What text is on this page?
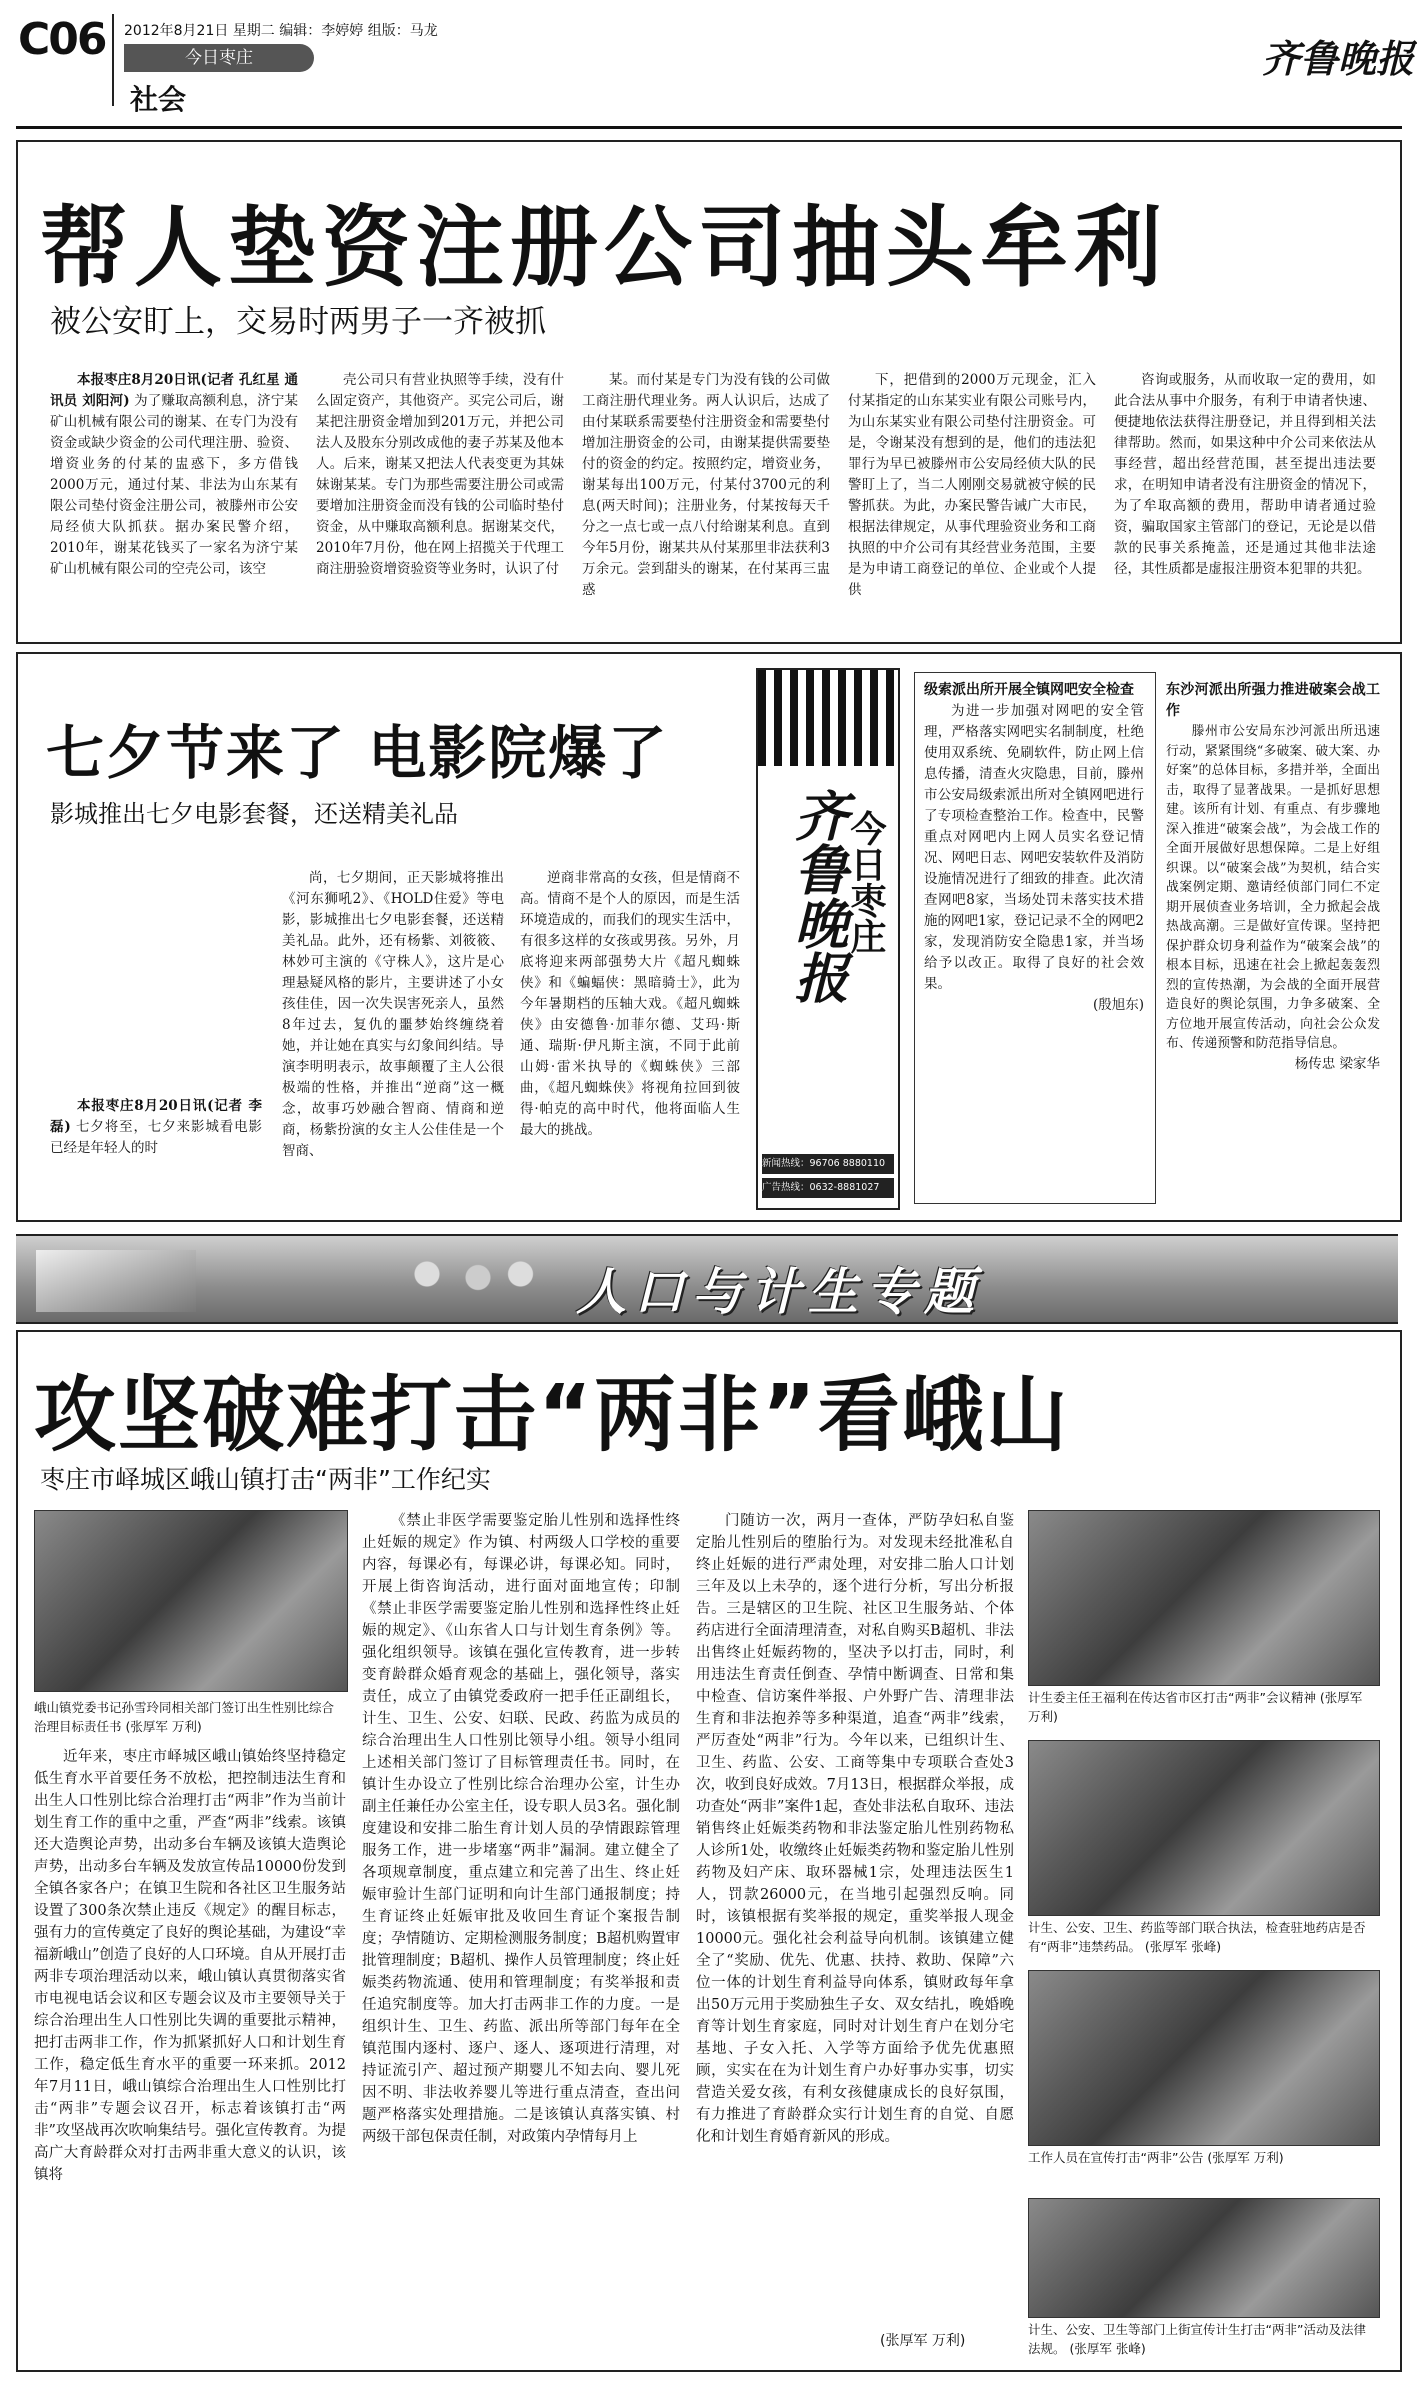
C06 2012年8月21日 星期二 编辑：李婷婷 组版：马龙
今日枣庄
社会
齐鲁晚报
帮人垫资注册公司抽头牟利
被公安盯上，交易时两男子一齐被抓

本报枣庄8月20日讯(记者 孔红星 通讯员 刘阳河) 为了赚取高额利息，济宁某矿山机械有限公司的谢某、在专门为没有资金或缺少资金的公司代理注册、验资、增资业务的付某的盅惑下，多方借钱2000万元，通过付某、非法为山东某有限公司垫付资金注册公司，被滕州市公安局经侦大队抓获。据办案民警介绍，2010年，谢某花钱买了一家名为济宁某矿山机械有限公司的空壳公司，该空

壳公司只有营业执照等手续，没有什么固定资产，其他资产。买完公司后，谢某把注册资金增加到201万元，并把公司法人及股东分别改成他的妻子苏某及他本人。后来，谢某又把法人代表变更为其妹妹谢某某。专门为那些需要注册公司或需要增加注册资金而没有钱的公司临时垫付资金，从中赚取高额利息。据谢某交代，2010年7月份，他在网上招揽关于代理工商注册验资增资验资等业务时，认识了付

某。而付某是专门为没有钱的公司做工商注册代理业务。两人认识后，达成了由付某联系需要垫付注册资金和需要垫付增加注册资金的公司，由谢某提供需要垫付的资金的约定。按照约定，增资业务，谢某每出100万元，付某付3700元的利息(两天时间)；注册业务，付某按每天千分之一点七或一点八付给谢某利息。直到今年5月份，谢某共从付某那里非法获利3万余元。尝到甜头的谢某，在付某再三盅惑

下，把借到的2000万元现金，汇入付某指定的山东某实业有限公司账号内，为山东某实业有限公司垫付注册资金。可是，令谢某没有想到的是，他们的违法犯罪行为早已被滕州市公安局经侦大队的民警盯上了，当二人刚刚交易就被守候的民警抓获。为此，办案民警告诫广大市民，根据法律规定，从事代理验资业务和工商执照的中介公司有其经营业务范围，主要是为申请工商登记的单位、企业或个人提供

咨询或服务，从而收取一定的费用，如此合法从事中介服务，有利于申请者快速、便捷地依法获得注册登记，并且得到相关法律帮助。然而，如果这种中介公司来依法从事经营，超出经营范围，甚至提出违法要求，在明知申请者没有注册资金的情况下，为了牟取高额的费用，帮助申请者通过验资，骗取国家主管部门的登记，无论是以借款的民事关系掩盖，还是通过其他非法途径，其性质都是虚报注册资本犯罪的共犯。

七夕节来了 电影院爆了
影城推出七夕电影套餐，还送精美礼品

本报枣庄8月20日讯(记者 李磊) 七夕将至，七夕来影城看电影已经是年轻人的时

尚，七夕期间，正天影城将推出《河东狮吼2》、《HOLD住爱》等电影，影城推出七夕电影套餐，还送精美礼品。此外，还有杨紫、刘筱筱、林妙可主演的《守株人》，这片是心理悬疑风格的影片，主要讲述了小女孩佳佳，因一次失误害死亲人，虽然8年过去，复仇的噩梦始终缠绕着她，并让她在真实与幻象间纠结。导演李明明表示，故事颠覆了主人公很极端的性格，并推出“逆商”这一概念，故事巧妙融合智商、情商和逆商，杨紫扮演的女主人公佳佳是一个智商、

逆商非常高的女孩，但是情商不高。情商不是个人的原因，而是生活环境造成的，而我们的现实生活中，有很多这样的女孩或男孩。另外，月底将迎来两部强势大片《超凡蜘蛛侠》和《蝙蝠侠：黑暗骑士》，此为今年暑期档的压轴大戏。《超凡蜘蛛侠》由安德鲁·加菲尔德、艾玛·斯通、瑞斯·伊凡斯主演，不同于此前山姆·雷米执导的《蜘蛛侠》三部曲，《超凡蜘蛛侠》将视角拉回到彼得·帕克的高中时代，他将面临人生最大的挑战。

齐鲁晚报
今日枣庄
新闻热线：96706 8880110
广告热线：0632-8881027
级索派出所开展全镇网吧安全检查

为进一步加强对网吧的安全管理，严格落实网吧实名制制度，杜绝使用双系统、免刷软件，防止网上信息传播，清查火灾隐患，目前，滕州市公安局级索派出所对全镇网吧进行了专项检查整治工作。检查中，民警重点对网吧内上网人员实名登记情况、网吧日志、网吧安装软件及消防设施情况进行了细致的排查。此次清查网吧8家，当场处罚未落实技术措施的网吧1家，登记记录不全的网吧2家，发现消防安全隐患1家，并当场给予以改正。取得了良好的社会效果。

(殷旭东)
东沙河派出所强力推进破案会战工作

滕州市公安局东沙河派出所迅速行动，紧紧围绕“多破案、破大案、办好案”的总体目标，多措并举，全面出击，取得了显著战果。一是抓好思想建。该所有计划、有重点、有步骤地深入推进“破案会战”，为会战工作的全面开展做好思想保障。二是上好组织课。以“破案会战”为契机，结合实战案例定期、邀请经侦部门同仁不定期开展侦查业务培训，全力掀起会战热战高潮。三是做好宣传课。坚持把保护群众切身利益作为“破案会战”的根本目标，迅速在社会上掀起轰轰烈烈的宣传热潮，为会战的全面开展营造良好的舆论氛围，力争多破案、全方位地开展宣传活动，向社会公众发布、传递预警和防范指导信息。

杨传忠 梁家华
人口与计生专题
攻坚破难打击“两非”看峨山
枣庄市峄城区峨山镇打击“两非”工作纪实
峨山镇党委书记孙雪玲同相关部门签订出生性别比综合治理目标责任书 (张厚军 万利)

近年来，枣庄市峄城区峨山镇始终坚持稳定低生育水平首要任务不放松，把控制违法生育和出生人口性别比综合治理打击“两非”作为当前计划生育工作的重中之重，严查“两非”线索。该镇还大造舆论声势，出动多台车辆及该镇大造舆论声势，出动多台车辆及发放宣传品10000份发到全镇各家各户；在镇卫生院和各社区卫生服务站设置了300条次禁止违反《规定》的醒目标志，强有力的宣传奠定了良好的舆论基础，为建设“幸福新峨山”创造了良好的人口环境。自从开展打击两非专项治理活动以来，峨山镇认真贯彻落实省市电视电话会议和区专题会议及市主要领导关于综合治理出生人口性别比失调的重要批示精神，把打击两非工作，作为抓紧抓好人口和计划生育工作，稳定低生育水平的重要一环来抓。2012年7月11日，峨山镇综合治理出生人口性别比打击“两非”专题会议召开，标志着该镇打击“两非”攻坚战再次吹响集结号。强化宣传教育。为提高广大育龄群众对打击两非重大意义的认识，该镇将

《禁止非医学需要鉴定胎儿性别和选择性终止妊娠的规定》作为镇、村两级人口学校的重要内容，每课必有，每课必讲，每课必知。同时，开展上街咨询活动，进行面对面地宣传；印制《禁止非医学需要鉴定胎儿性别和选择性终止妊娠的规定》、《山东省人口与计划生育条例》等。强化组织领导。该镇在强化宣传教育，进一步转变育龄群众婚育观念的基础上，强化领导，落实责任，成立了由镇党委政府一把手任正副组长，计生、卫生、公安、妇联、民政、药监为成员的综合治理出生人口性别比领导小组。领导小组同上述相关部门签订了目标管理责任书。同时，在镇计生办设立了性别比综合治理办公室，计生办副主任兼任办公室主任，设专职人员3名。强化制度建设和安排二胎生育计划人员的孕情跟踪管理服务工作，进一步堵塞“两非”漏洞。建立健全了各项规章制度，重点建立和完善了出生、终止妊娠审验计生部门证明和向计生部门通报制度；持生育证终止妊娠审批及收回生育证个案报告制度；孕情随访、定期检测服务制度；B超机购置审批管理制度；B超机、操作人员管理制度；终止妊娠类药物流通、使用和管理制度；有奖举报和责任追究制度等。加大打击两非工作的力度。一是组织计生、卫生、药监、派出所等部门每年在全镇范围内逐村、逐户、逐人、逐项进行清理，对持证流引产、超过预产期婴儿不知去向、婴儿死因不明、非法收养婴儿等进行重点清查，查出问题严格落实处理措施。二是该镇认真落实镇、村两级干部包保责任制，对政策内孕情每月上

门随访一次，两月一查体，严防孕妇私自鉴定胎儿性别后的堕胎行为。对发现未经批准私自终止妊娠的进行严肃处理，对安排二胎人口计划三年及以上未孕的，逐个进行分析，写出分析报告。三是辖区的卫生院、社区卫生服务站、个体药店进行全面清理清查，对私自购买B超机、非法出售终止妊娠药物的，坚决予以打击，同时，利用违法生育责任倒查、孕情中断调查、日常和集中检查、信访案件举报、户外野广告、清理非法生育和非法抱养等多种渠道，追查“两非”线索，严厉查处“两非”行为。今年以来，已组织计生、卫生、药监、公安、工商等集中专项联合查处3次，收到良好成效。7月13日，根据群众举报，成功查处“两非”案件1起，查处非法私自取环、违法销售终止妊娠类药物和非法鉴定胎儿性别药物私人诊所1处，收缴终止妊娠类药物和鉴定胎儿性别药物及妇产床、取环器械1宗，处理违法医生1人，罚款26000元，在当地引起强烈反响。同时，该镇根据有奖举报的规定，重奖举报人现金10000元。强化社会利益导向机制。该镇建立健全了“奖励、优先、优惠、扶持、救助、保障”六位一体的计划生育利益导向体系，镇财政每年拿出50万元用于奖励独生子女、双女结扎，晚婚晚育等计划生育家庭，同时对计划生育户在划分宅基地、子女入托、入学等方面给予优先优惠照顾，实实在在为计划生育户办好事办实事，切实营造关爱女孩，有利女孩健康成长的良好氛围，有力推进了育龄群众实行计划生育的自觉、自愿化和计划生育婚育新风的形成。

(张厚军 万利)
计生委主任王福利在传达省市区打击“两非”会议精神 (张厚军 万利)
计生、公安、卫生、药监等部门联合执法，检查驻地药店是否有“两非”违禁药品。 (张厚军 张峰)
工作人员在宣传打击“两非”公告 (张厚军 万利)
计生、公安、卫生等部门上街宣传计生打击“两非”活动及法律法规。 (张厚军 张峰)
